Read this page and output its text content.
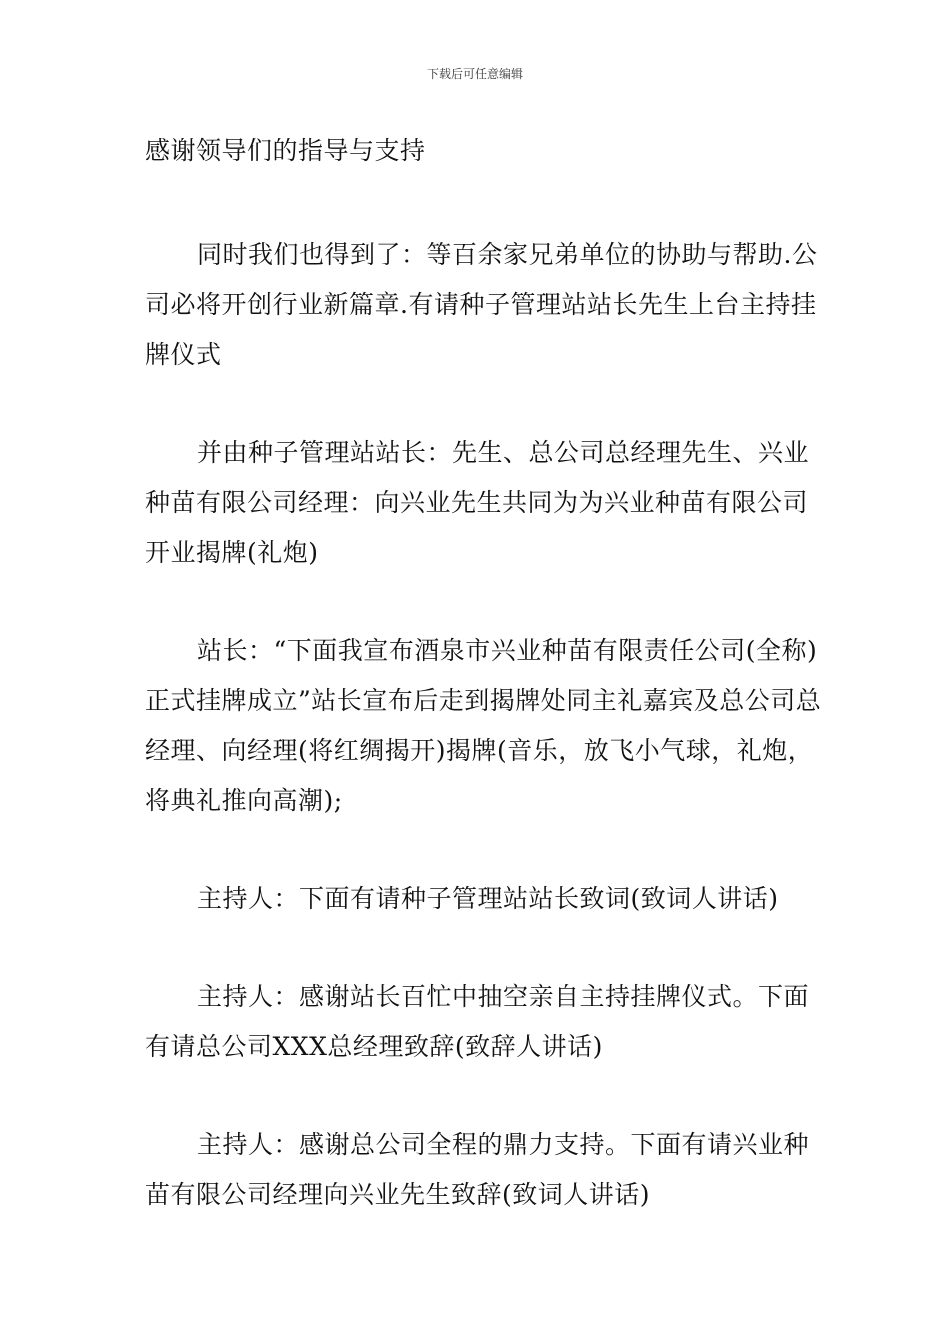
下载后可任意编辑

感谢领导们的指导与支持

同时我们也得到了：等百余家兄弟单位的协助与帮助.公司必将开创行业新篇章.有请种子管理站站长先生上台主持挂牌仪式

并由种子管理站站长：先生、总公司总经理先生、兴业种苗有限公司经理：向兴业先生共同为为兴业种苗有限公司开业揭牌(礼炮)

站长：“下面我宣布酒泉市兴业种苗有限责任公司(全称)正式挂牌成立”站长宣布后走到揭牌处同主礼嘉宾及总公司总经理、向经理(将红绸揭开)揭牌(音乐，放飞小气球，礼炮，将典礼推向高潮);

主持人：下面有请种子管理站站长致词(致词人讲话)

主持人：感谢站长百忙中抽空亲自主持挂牌仪式。下面有请总公司XXX总经理致辞(致辞人讲话)

主持人：感谢总公司全程的鼎力支持。下面有请兴业种苗有限公司经理向兴业先生致辞(致词人讲话)
